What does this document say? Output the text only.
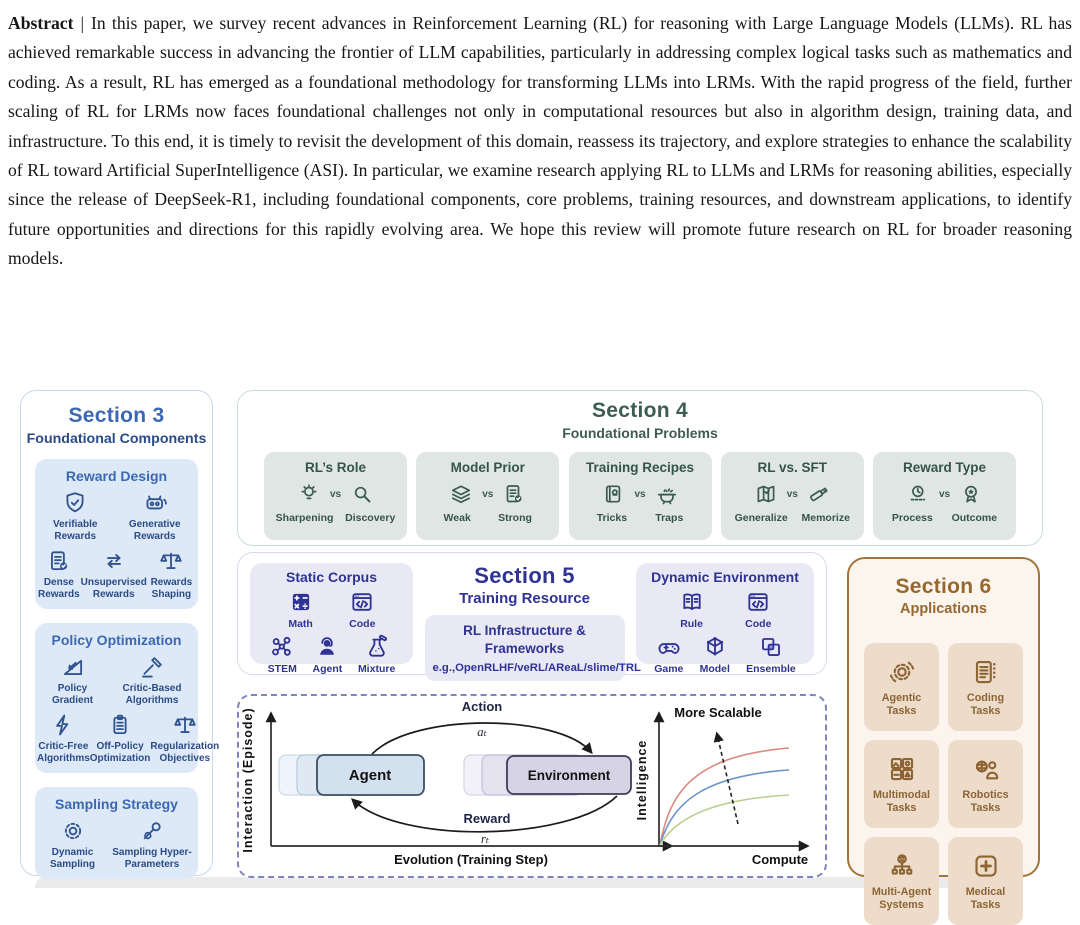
Abstract | In this paper, we survey recent advances in Reinforcement Learning (RL) for reasoning with Large Language Models (LLMs). RL has achieved remarkable success in advancing the frontier of LLM capabilities, particularly in addressing complex logical tasks such as mathematics and coding. As a result, RL has emerged as a foundational methodology for transforming LLMs into LRMs. With the rapid progress of the field, further scaling of RL for LRMs now faces foundational challenges not only in computational resources but also in algorithm design, training data, and infrastructure. To this end, it is timely to revisit the development of this domain, reassess its trajectory, and explore strategies to enhance the scalability of RL toward Artificial SuperIntelligence (ASI). In particular, we examine research applying RL to LLMs and LRMs for reasoning abilities, especially since the release of DeepSeek-R1, including foundational components, core problems, training resources, and downstream applications, to identify future opportunities and directions for this rapidly evolving area. We hope this review will promote future research on RL for broader reasoning models.

Section 3
Foundational Components
Reward Design
Verifiable Rewards
Generative Rewards
Dense Rewards
Unsupervised Rewards
Rewards Shaping
Policy Optimization
Policy Gradient
Critic-Based Algorithms
Critic-Free Algorithms
Off-Policy Optimization
Regularization Objectives
Sampling Strategy
Dynamic Sampling
Sampling Hyper-Parameters
Section 4
Foundational Problems
RL’s Role
vs
Sharpening Discovery
Model Prior
vs
Weak	Strong
Training Recipes
vs
Tricks	Traps
RL vs. SFT
vs
Generalize Memorize
Reward Type
vs
Process Outcome
Static Corpus
Math	Code
STEM Agent Mixture
Section 5
Training Resource
RL Infrastructure & Frameworks
e.g.,OpenRLHF/veRL/AReaL/slime/TRL
Dynamic Environment
Rule	Code
Game Model Ensemble
Section 6
Applications
Agentic Tasks
Coding Tasks
Multimodal Tasks
Robotics Tasks
Multi-Agent Systems
Medical Tasks
Interaction (Episode)
Evolution (Training Step)
Agent	Environment
Action
aₜ
Reward
rₜ
Intelligence
Compute
More Scalable
